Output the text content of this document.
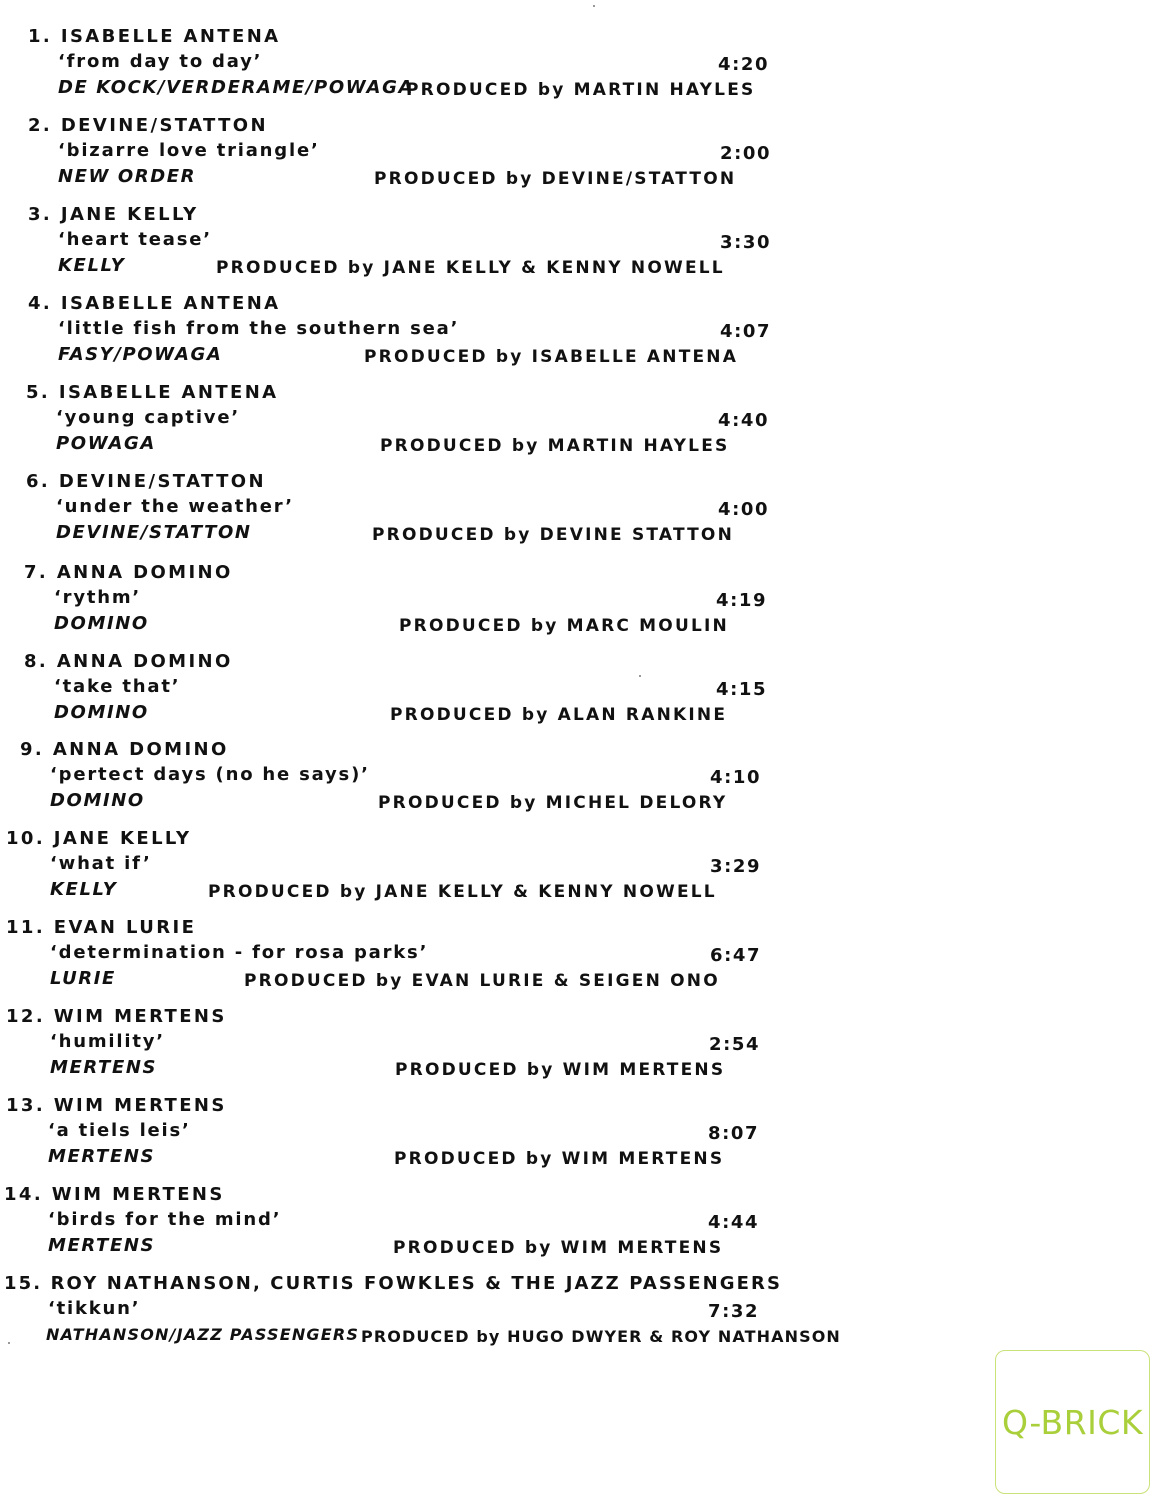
1. ISABELLE ANTENA
‘from day to day’
DE KOCK/VERDERAME/POWAGA
4:20
PRODUCED by MARTIN HAYLES
2. DEVINE/STATTON
‘bizarre love triangle’
NEW ORDER
2:00
PRODUCED by DEVINE/STATTON
3. JANE KELLY
‘heart tease’
KELLY
3:30
PRODUCED by JANE KELLY & KENNY NOWELL
4. ISABELLE ANTENA
‘little fish from the southern sea’
FASY/POWAGA
4:07
PRODUCED by ISABELLE ANTENA
5. ISABELLE ANTENA
‘young captive’
POWAGA
4:40
PRODUCED by MARTIN HAYLES
6. DEVINE/STATTON
‘under the weather’
DEVINE/STATTON
4:00
PRODUCED by DEVINE STATTON
7. ANNA DOMINO
‘rythm’
DOMINO
4:19
PRODUCED by MARC MOULIN
8. ANNA DOMINO
‘take that’
DOMINO
4:15
PRODUCED by ALAN RANKINE
9. ANNA DOMINO
‘pertect days (no he says)’
DOMINO
4:10
PRODUCED by MICHEL DELORY
10. JANE KELLY
‘what if’
KELLY
3:29
PRODUCED by JANE KELLY & KENNY NOWELL
11. EVAN LURIE
‘determination - for rosa parks’
LURIE
6:47
PRODUCED by EVAN LURIE & SEIGEN ONO
12. WIM MERTENS
‘humility’
MERTENS
2:54
PRODUCED by WIM MERTENS
13. WIM MERTENS
‘a tiels leis’
MERTENS
8:07
PRODUCED by WIM MERTENS
14. WIM MERTENS
‘birds for the mind’
MERTENS
4:44
PRODUCED by WIM MERTENS
15. ROY NATHANSON, CURTIS FOWKLES & THE JAZZ PASSENGERS
‘tikkun’
NATHANSON/JAZZ PASSENGERS
7:32
PRODUCED by HUGO DWYER & ROY NATHANSON
Q-BRICK
